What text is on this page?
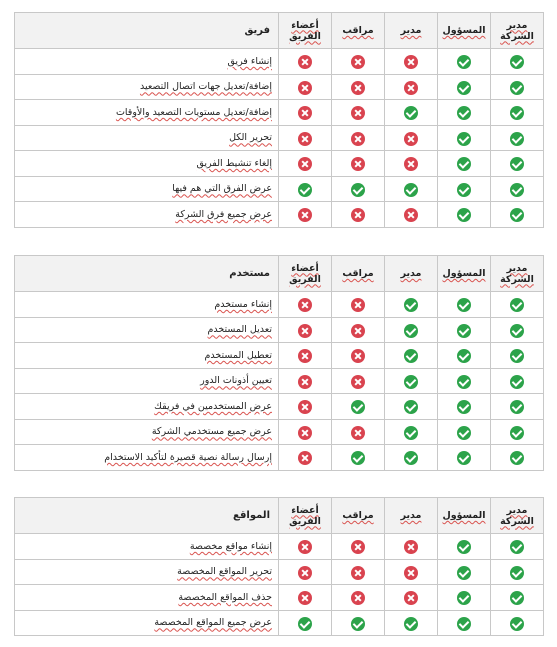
مدير الشركة	المسؤول	مدير	مراقب	أعضاء الفريق	فريق
					إنشاء فريق
					إضافة/تعديل جهات اتصال التصعيد
					إضافة/تعديل مستويات التصعيد والأوقات
					تحرير الكل
					إلغاء تنشيط الفريق
					عرض الفرق التي هم فيها
					عرض جميع فرق الشركة
مدير الشركة	المسؤول	مدير	مراقب	أعضاء الفريق	مستخدم
					إنشاء مستخدم
					تعديل المستخدم
					تعطيل المستخدم
					تعيين أذونات الدور
					عرض المستخدمين في فريقك
					عرض جميع مستخدمي الشركة
					إرسال رسالة نصية قصيرة لتأكيد الاستخدام
مدير الشركة	المسؤول	مدير	مراقب	أعضاء الفريق	المواقع
					إنشاء مواقع مخصصة
					تحرير المواقع المخصصة
					حذف المواقع المخصصة
					عرض جميع المواقع المخصصة
